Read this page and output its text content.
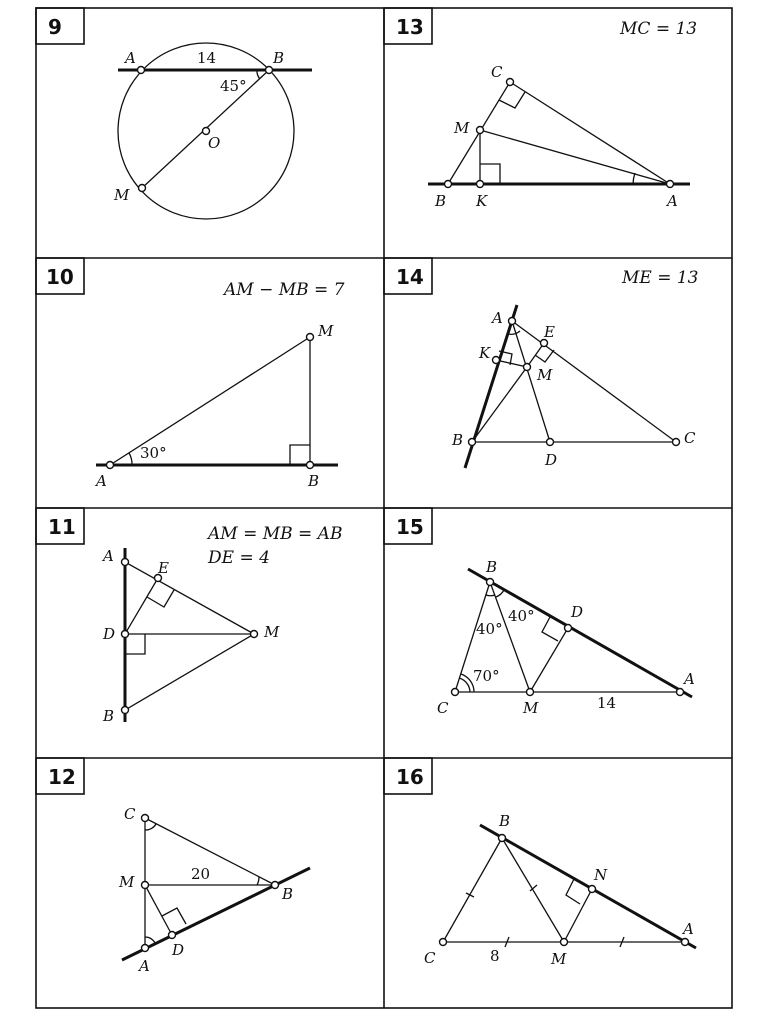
9
A	B
O
M
14
45°
13	MC = 13
C
M
B K	A
10
AM − MB = 7
M
A	B
30°
14	ME = 13
A
E
K
M
B
D
C
11	AM = MB = AB
DE = 4
A
E
D	M
B
15
B
D
C	M
A
40°
40°
70°
14
12
C
M
B
D
A
20
16
B
N
C	M
A
8
